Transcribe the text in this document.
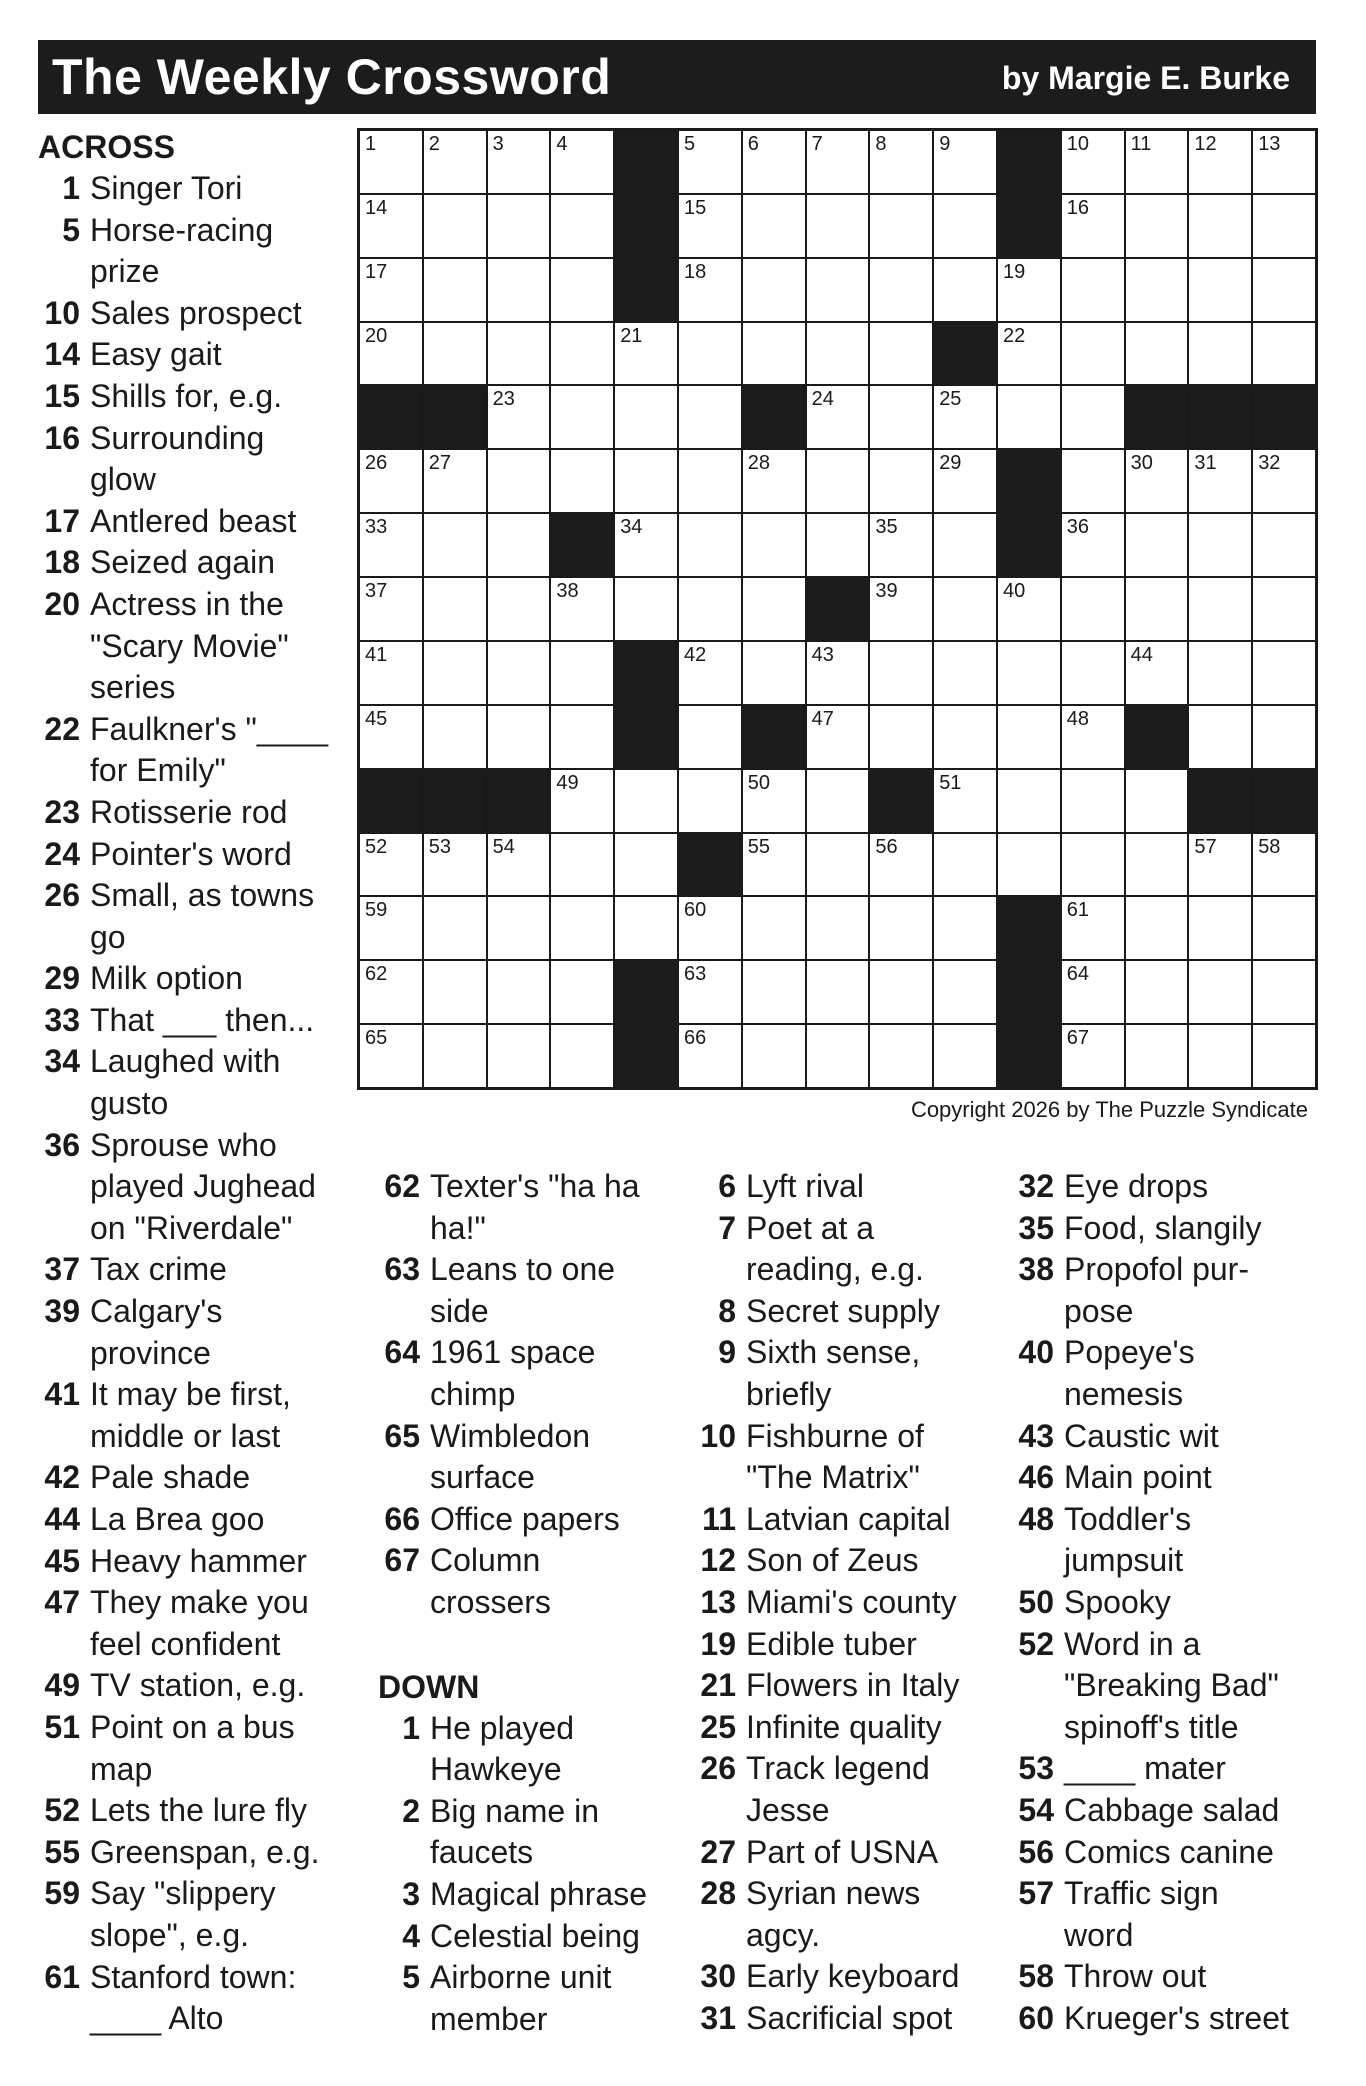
The Weekly Crossword	by Margie E. Burke
1	2	3	4	5	6	7	8	9	10 11 12 13
14	15	16
17	18	19
20	21	22
23	24	25
26 27	28	29	30 31 32
33	34	35	36
37	38	39	40
41	42	43	44
45	46	47	48
49	50	51
52 53 54	55	56	57 58
59	60	61
62	63	64
65	66	67
Copyright 2026 by The Puzzle Syndicate
ACROSS
1 Singer Tori
5 Horse-racing
prize
10 Sales prospect
14 Easy gait
15 Shills for, e.g.
16 Surrounding
glow
17 Antlered beast
18 Seized again
20 Actress in the
"Scary Movie"
series
22 Faulkner's "____
for Emily"
23 Rotisserie rod
24 Pointer's word
26 Small, as towns
go
29 Milk option
33 That ___ then...
34 Laughed with
gusto
36 Sprouse who
played Jughead
on "Riverdale"
37 Tax crime
39 Calgary's
province
41 It may be first,
middle or last
42 Pale shade
44 La Brea goo
45 Heavy hammer
47 They make you
feel confident
49 TV station, e.g.
51 Point on a bus
map
52 Lets the lure fly
55 Greenspan, e.g.
59 Say "slippery
slope", e.g.
61 Stanford town:
____ Alto
62 Texter's "ha ha
ha!"
63 Leans to one
side
64 1961 space
chimp
65 Wimbledon
surface
66 Office papers
67 Column
crossers
DOWN
1 He played
Hawkeye
2 Big name in
faucets
3 Magical phrase
4 Celestial being
5 Airborne unit
member
6 Lyft rival
7 Poet at a
reading, e.g.
8 Secret supply
9 Sixth sense,
briefly
10 Fishburne of
"The Matrix"
11 Latvian capital
12 Son of Zeus
13 Miami's county
19 Edible tuber
21 Flowers in Italy
25 Infinite quality
26 Track legend
Jesse
27 Part of USNA
28 Syrian news
agcy.
30 Early keyboard
31 Sacrificial spot
32 Eye drops
35 Food, slangily
38 Propofol pur-
pose
40 Popeye's
nemesis
43 Caustic wit
46 Main point
48 Toddler's
jumpsuit
50 Spooky
52 Word in a
"Breaking Bad"
spinoff's title
53 ____ mater
54 Cabbage salad
56 Comics canine
57 Traffic sign
word
58 Throw out
60 Krueger's street
